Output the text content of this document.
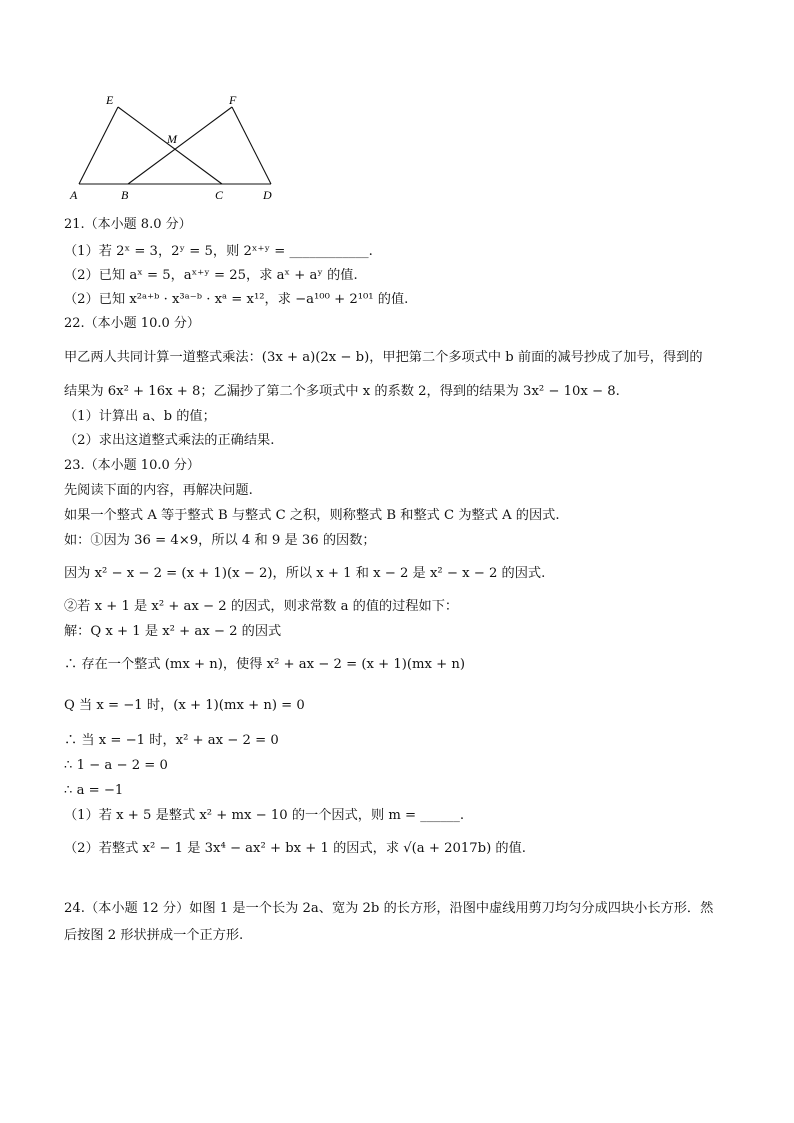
E	F
M
A	B	C	D
21.（本小题 8.0 分）
（1）若 2ˣ = 3，2ʸ = 5，则 2ˣ⁺ʸ = ____________.
（2）已知 aˣ = 5，aˣ⁺ʸ = 25，求 aˣ + aʸ 的值.
（2）已知 x²ᵃ⁺ᵇ · x³ᵃ⁻ᵇ · xᵃ = x¹²，求 −a¹⁰⁰ + 2¹⁰¹ 的值.
22.（本小题 10.0 分）
甲乙两人共同计算一道整式乘法：(3x + a)(2x − b)，甲把第二个多项式中 b 前面的减号抄成了加号，得到的
结果为 6x² + 16x + 8；乙漏抄了第二个多项式中 x 的系数 2，得到的结果为 3x² − 10x − 8.
（1）计算出 a、b 的值；
（2）求出这道整式乘法的正确结果.
23.（本小题 10.0 分）
先阅读下面的内容，再解决问题.
如果一个整式 A 等于整式 B 与整式 C 之积，则称整式 B 和整式 C 为整式 A 的因式.
如：①因为 36 = 4×9，所以 4 和 9 是 36 的因数；
因为 x² − x − 2 = (x + 1)(x − 2)，所以 x + 1 和 x − 2 是 x² − x − 2 的因式.
②若 x + 1 是 x² + ax − 2 的因式，则求常数 a 的值的过程如下：
解：Q x + 1 是 x² + ax − 2 的因式
∴ 存在一个整式 (mx + n)，使得 x² + ax − 2 = (x + 1)(mx + n)
Q 当 x = −1 时，(x + 1)(mx + n) = 0
∴ 当 x = −1 时，x² + ax − 2 = 0
∴ 1 − a − 2 = 0
∴ a = −1
（1）若 x + 5 是整式 x² + mx − 10 的一个因式，则 m = ______.
（2）若整式 x² − 1 是 3x⁴ − ax² + bx + 1 的因式，求 √(a + 2017b) 的值.
24.（本小题 12 分）如图 1 是一个长为 2a、宽为 2b 的长方形，沿图中虚线用剪刀均匀分成四块小长方形．然
后按图 2 形状拼成一个正方形.
